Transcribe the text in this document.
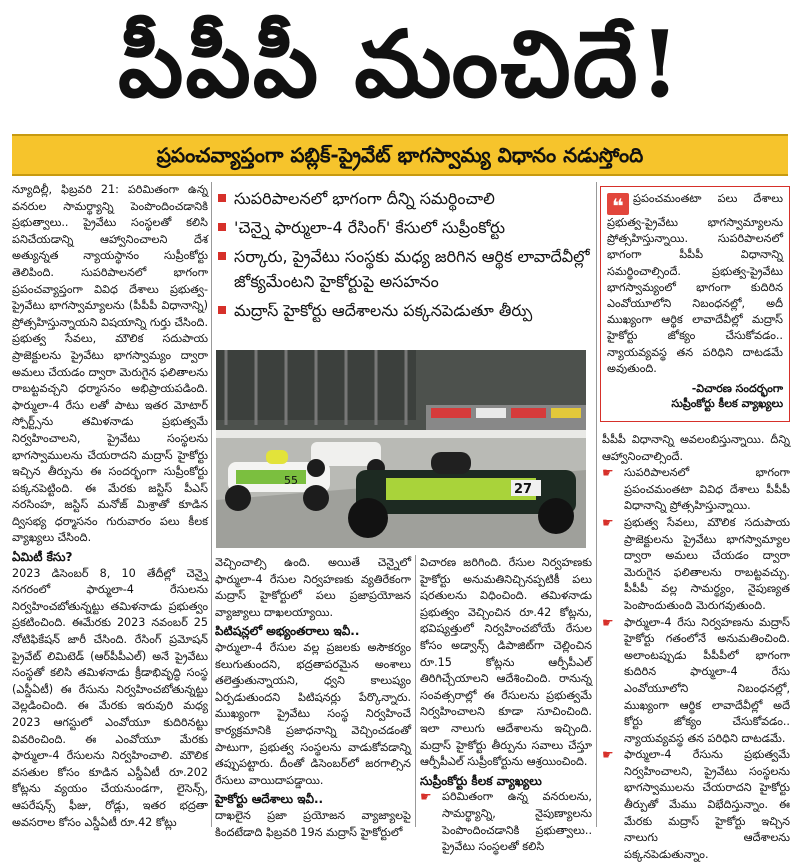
పీపీపీ మంచిదే!
ప్రపంచవ్యాప్తంగా పబ్లిక్-ప్రైవేట్ భాగస్వామ్య విధానం నడుస్తోంది

న్యూదిల్లీ, ఫిబ్రవరి 21: పరిమితంగా ఉన్న వనరుల సామర్థ్యాన్ని పెంపొందించడానికి ప్రభుత్వాలు.. ప్రైవేటు సంస్థలతో కలిసి పనిచేయడాన్ని ఆహ్వానించాలని దేశ అత్యున్నత న్యాయస్థానం సుప్రీంకోర్టు తెలిపింది. సుపరిపాలనలో భాగంగా ప్రపంచవ్యాప్తంగా వివిధ దేశాలు ప్రభుత్వ-ప్రైవేటు భాగస్వామ్యాలను (పీపీపీ విధానాన్ని) ప్రోత్సహిస్తున్నాయని విషయాన్ని గుర్తు చేసింది. ప్రభుత్వ సేవలు, మౌలిక సదుపాయ ప్రాజెక్టులను ప్రైవేటు భాగస్వామ్యం ద్వారా అమలు చేయడం ద్వారా మెరుగైన ఫలితాలను రాబట్టవచ్చని ధర్మాసనం అభిప్రాయపడింది. ఫార్ములా-4 రేసు లతో పాటు ఇతర మోటార్ స్పోర్ట్స్‌ను తమిళనాడు ప్రభుత్వమే నిర్వహించాలని, ప్రైవేటు సంస్థలను భాగస్వాములను చేయరాదని మద్రాస్ హైకోర్టు ఇచ్చిన తీర్పును ఈ సందర్భంగా సుప్రీంకోర్టు పక్కనపెట్టింది. ఈ మేరకు జస్టిస్ పీఎస్ నరసింహ, జస్టిస్ మనోజ్ మిశ్రాతో కూడిన ద్విసభ్య ధర్మాసనం గురువారం పలు కీలక వ్యాఖ్యలు చేసింది.

ఏమిటీ కేసు?

2023 డిసెంబర్ 8, 10 తేదీల్లో చెన్నై నగరంలో ఫార్ములా-4 రేసులను నిర్వహించబోతున్నట్టు తమిళనాడు ప్రభుత్వం ప్రకటించింది. ఈమేరకు 2023 నవంబర్ 25 నోటిఫికేషన్ జారీ చేసింది. రేసింగ్ ప్రమోషన్ ప్రైవేట్ లిమిటెడ్ (ఆర్‌పీపీఎల్) అనే ప్రైవేటు సంస్థతో కలిసి తమిళనాడు క్రీడాభివృద్ధి సంస్థ (ఎస్డీఏటీ) ఈ రేసును నిర్వహించబోతున్నట్టు వెల్లడించింది. ఈ మేరకు ఇరువురి మధ్య 2023 ఆగస్టులో ఎంవోయూ కుదిరినట్టు వివరించింది. ఈ ఎంవోయూ మేరకు ఫార్ములా-4 రేసులను నిర్వహించాలి. మౌలిక వసతుల కోసం కూడిన ఎస్డీఏటీ రూ.202 కోట్లను వ్యయం చేయనుండగా, లైసెన్స్, ఆపరేషన్స్ ఫీజు, రోడ్లు, ఇతర భద్రతా అవసరాల కోసం ఎస్డీఏటీ రూ.42 కోట్లు

సుపరిపాలనలో భాగంగా దీన్ని సమర్థించాలి
'చెన్నై ఫార్ములా-4 రేసింగ్' కేసులో సుప్రీంకోర్టు
సర్కారు, ప్రైవేటు సంస్థకు మధ్య జరిగిన ఆర్థిక లావాదేవీల్లో జోక్యమేంటని హైకోర్టుపై అసహనం
మద్రాస్ హైకోర్టు ఆదేశాలను పక్కనపెడుతూ తీర్పు
55
27

వెచ్చించాల్సి ఉంది. అయితే చెన్నైలో ఫార్ములా-4 రేసుల నిర్వహణకు వ్యతిరేకంగా మద్రాస్ హైకోర్టులో పలు ప్రజాప్రయోజన వ్యాజ్యాలు దాఖలయ్యాయి.

పిటిషన్లలో అభ్యంతరాలు ఇవీ..

ఫార్ములా-4 రేసుల వల్ల ప్రజలకు అసౌకర్యం కలుగుతుందని, భద్రతాపరమైన అంశాలు తలెత్తుతున్నాయని, ధ్వని కాలుష్యం ఏర్పడుతుందని పిటిషనర్లు పేర్కొన్నారు. ముఖ్యంగా ప్రైవేటు సంస్థ నిర్వహించే కార్యక్రమానికి ప్రజాధనాన్ని వెచ్చించడంతో పాటుగా, ప్రభుత్వ సంస్థలను వాడుకోవడాన్ని తప్పుపట్టారు. దీంతో డిసెంబర్‌లో జరగాల్సిన రేసులు వాయిదాపడ్డాయి.

హైకోర్టు ఆదేశాలు ఇవీ..

దాఖలైన ప్రజా ప్రయోజన వ్యాజ్యాలపై కిందటేడాది ఫిబ్రవరి 19న మద్రాస్ హైకోర్టులో

విచారణ జరిగింది. రేసుల నిర్వహణకు హైకోర్టు అనుమతినిచ్చినప్పటికీ పలు షరతులను విధించింది. తమిళనాడు ప్రభుత్వం వెచ్చించిన రూ.42 కోట్లను, భవిష్యత్తులో నిర్వహించబోయే రేసుల కోసం అడ్వాన్స్ డిపాజిట్‌గా చెల్లించిన రూ.15 కోట్లను ఆర్పీపీఎల్ తిరిగిచ్చేయాలని ఆదేశించింది. రానున్న సంవత్సరాల్లో ఈ రేసులను ప్రభుత్వమే నిర్వహించాలని కూడా సూచించింది. ఇలా నాలుగు ఆదేశాలను ఇచ్చింది. మద్రాస్ హైకోర్టు తీర్పును సవాలు చేస్తూ ఆర్పీపీఎల్ సుప్రీంకోర్టును ఆశ్రయించింది.

సుప్రీంకోర్టు కీలక వ్యాఖ్యలు

☛ పరిమితంగా ఉన్న వనరులను, సామర్థ్యాన్ని, నైపుణ్యాలను పెంపొందించడానికి ప్రభుత్వాలు.. ప్రైవేటు సంస్థలతో కలిసి

❝ ప్రపంచమంతటా పలు దేశాలు ప్రభుత్వ-ప్రైవేటు భాగస్వామ్యాలను ప్రోత్సహిస్తున్నాయి. సుపరిపాలనలో భాగంగా పీపీపీ విధానాన్ని సమర్థించాల్సిందే. ప్రభుత్వ-ప్రైవేటు భాగస్వామ్యంలో భాగంగా కుదిరిన ఎంవోయూలోని నిబంధనల్లో, అదీ ముఖ్యంగా ఆర్థిక లావాదేవీల్లో మద్రాస్ హైకోర్టు జోక్యం చేసుకోవడం.. న్యాయవ్యవస్థ తన పరిధిని దాటడమే అవుతుంది.
-విచారణ సందర్భంగా
సుప్రీంకోర్టు కీలక వ్యాఖ్యలు

పీపీపీ విధానాన్ని అవలంబిస్తున్నాయి. దీన్ని ఆహ్వానించాల్సిందే.

☛ సుపరిపాలనలో భాగంగా ప్రపంచమంతటా వివిధ దేశాలు పీపీపీ విధానాన్ని ప్రోత్సహిస్తున్నాయి.

☛ ప్రభుత్వ సేవలు, మౌలిక సదుపాయ ప్రాజెక్టులను ప్రైవేటు భాగస్వామ్యాల ద్వారా అమలు చేయడం ద్వారా మెరుగైన ఫలితాలను రాబట్టవచ్చు. పీపీపీ వల్ల సామర్థ్యం, నైపుణ్యత పెంపొందుతుంది మెరుగవుతుంది.

☛ ఫార్ములా-4 రేసు నిర్వహణను మద్రాస్ హైకోర్టు గతంలోనే అనుమతించింది. అలాంటప్పుడు పీపీపీలో భాగంగా కుదిరిన ఫార్ములా-4 రేసు ఎంవోయూలోని నిబంధనల్లో, ముఖ్యంగా ఆర్థిక లావాదేవీల్లో అదే కోర్టు జోక్యం చేసుకోవడం.. న్యాయవ్యవస్థ తన పరిధిని దాటడమే.

☛ ఫార్ములా-4 రేసును ప్రభుత్వమే నిర్వహించాలని, ప్రైవేటు సంస్థలను భాగస్వాములను చేయరాదని హైకోర్టు తీర్పుతో మేము విభేదిస్తున్నాం. ఈ మేరకు మద్రాస్ హైకోర్టు ఇచ్చిన నాలుగు ఆదేశాలను పక్కనపెడుతున్నాం.
